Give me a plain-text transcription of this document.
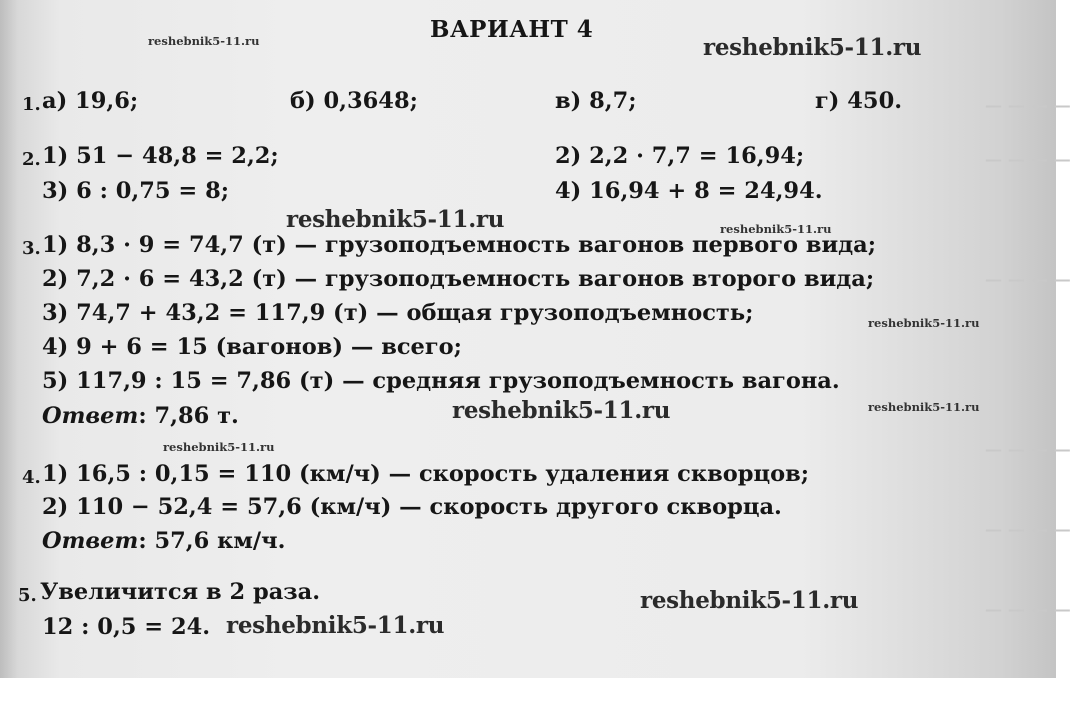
— — — —
— — — —
— — — —
— — — —
— — — —
— — — —
ВАРИАНТ 4
reshebnik5-11.ru	reshebnik5-11.ru
reshebnik5-11.ru	reshebnik5-11.ru
reshebnik5-11.ru
reshebnik5-11.ru	reshebnik5-11.ru
reshebnik5-11.ru
reshebnik5-11.ru
reshebnik5-11.ru
1. а) 19,6;	б) 0,3648;	в) 8,7;	г) 450.
2. 1) 51 − 48,8 = 2,2;	2) 2,2 · 7,7 = 16,94;
3) 6 : 0,75 = 8;	4) 16,94 + 8 = 24,94.
3. 1) 8,3 · 9 = 74,7 (т) — грузоподъемность вагонов первого вида;
2) 7,2 · 6 = 43,2 (т) — грузоподъемность вагонов второго вида;
3) 74,7 + 43,2 = 117,9 (т) — общая грузоподъемность;
4) 9 + 6 = 15 (вагонов) — всего;
5) 117,9 : 15 = 7,86 (т) — средняя грузоподъемность вагона.
Ответ: 7,86 т.
4. 1) 16,5 : 0,15 = 110 (км/ч) — скорость удаления скворцов;
2) 110 − 52,4 = 57,6 (км/ч) — скорость другого скворца.
Ответ: 57,6 км/ч.
5. Увеличится в 2 раза.
12 : 0,5 = 24.
